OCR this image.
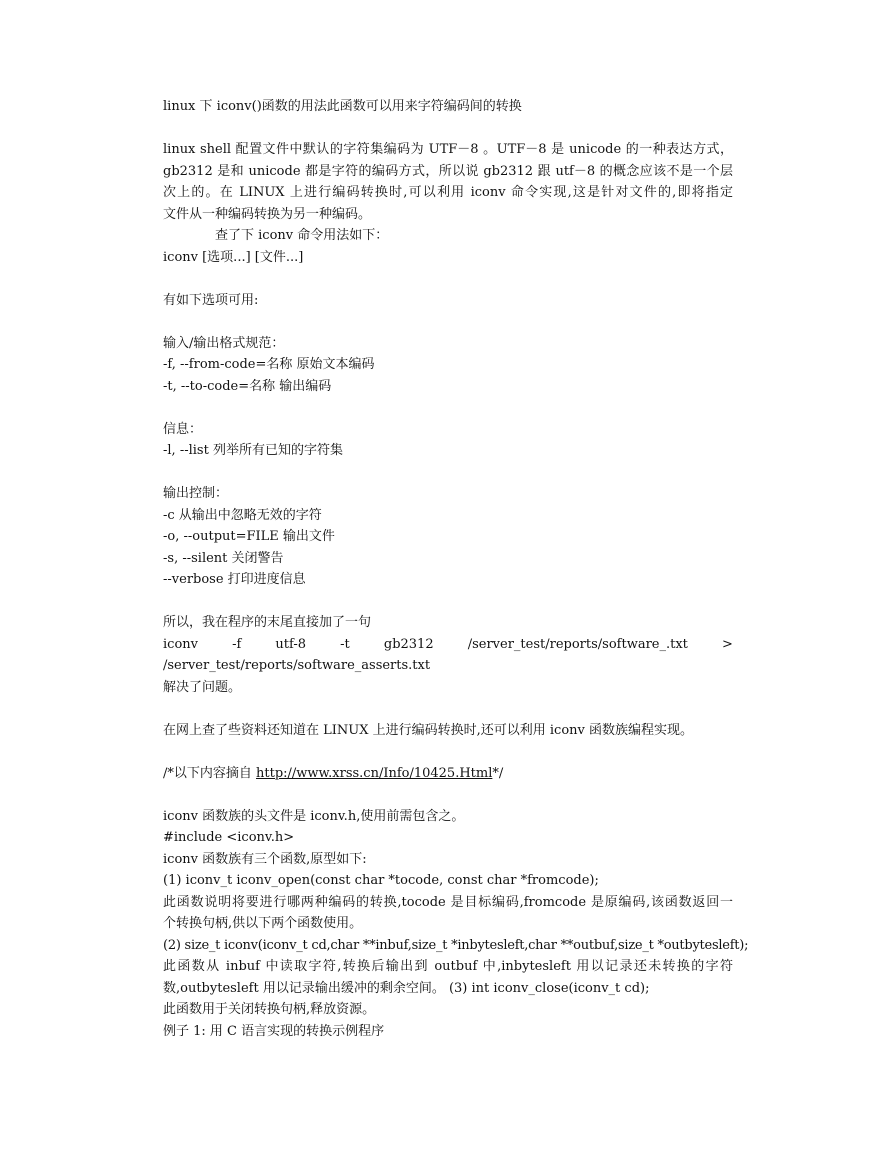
linux 下 iconv()函数的用法此函数可以用来字符编码间的转换
linux shell 配置文件中默认的字符集编码为 UTF－8 。UTF－8 是 unicode 的一种表达方式，
gb2312 是和 unicode 都是字符的编码方式，所以说 gb2312 跟 utf－8 的概念应该不是一个层
次上的。在 LINUX 上进行编码转换时,可以利用 iconv 命令实现,这是针对文件的,即将指定
文件从一种编码转换为另一种编码。
查了下 iconv 命令用法如下：
iconv [选项...] [文件...]
有如下选项可用:
输入/输出格式规范：
-f, --from-code=名称 原始文本编码
-t, --to-code=名称 输出编码
信息：
-l, --list 列举所有已知的字符集
输出控制：
-c 从输出中忽略无效的字符
-o, --output=FILE 输出文件
-s, --silent 关闭警告
--verbose 打印进度信息
所以，我在程序的末尾直接加了一句
iconv	-f	utf-8	-t	gb2312	/server_test/reports/software_.txt	>
/server_test/reports/software_asserts.txt
解决了问题。
在网上查了些资料还知道在 LINUX 上进行编码转换时,还可以利用 iconv 函数族编程实现。
/*以下内容摘自 http://www.xrss.cn/Info/10425.Html*/
iconv 函数族的头文件是 iconv.h,使用前需包含之。
#include <iconv.h>
iconv 函数族有三个函数,原型如下:
(1) iconv_t iconv_open(const char *tocode, const char *fromcode);
此函数说明将要进行哪两种编码的转换,tocode 是目标编码,fromcode 是原编码,该函数返回一
个转换句柄,供以下两个函数使用。
(2) size_t iconv(iconv_t cd,char **inbuf,size_t *inbytesleft,char **outbuf,size_t *outbytesleft);
此函数从 inbuf 中读取字符,转换后输出到 outbuf 中,inbytesleft 用以记录还未转换的字符
数,outbytesleft 用以记录输出缓冲的剩余空间。 (3) int iconv_close(iconv_t cd);
此函数用于关闭转换句柄,释放资源。
例子 1: 用 C 语言实现的转换示例程序
